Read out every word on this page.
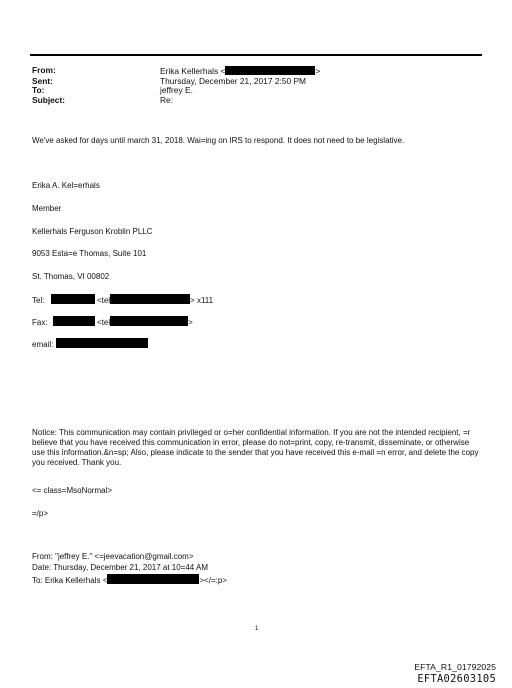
From:	Erika Kellerhals <	>
Sent:	Thursday, December 21, 2017 2:50 PM
To:	jeffrey E.
Subject:	Re:
We've asked for days until march 31, 2018. Wai=ing on IRS to respond. It does not need to be legislative.
Erika A. Kel=erhals
Member
Kellerhals Ferguson Kroblin PLLC
9053 Esta=e Thomas, Suite 101
St. Thomas, VI 00802
Tel:	<tel	> x111
Fax:	<tel	>
email:
Notice: This communication may contain privileged or o=her confidential information. If you are not the intended recipient, =r believe that you have received this communication in error, please do not=print, copy, re-transmit, disseminate, or otherwise use this information.&n=sp; Also, please indicate to the sender that you have received this e-mail =n error, and delete the copy you received. Thank you.
<= class=MsoNormal>
=/p>
From: "jeffrey E." <=jeevacation@gmail.com>
Date: Thursday, December 21, 2017 at 10=44 AM
To: Erika Kellerhals <	></=:p>
1
EFTA_R1_01792025
EFTA02603105
